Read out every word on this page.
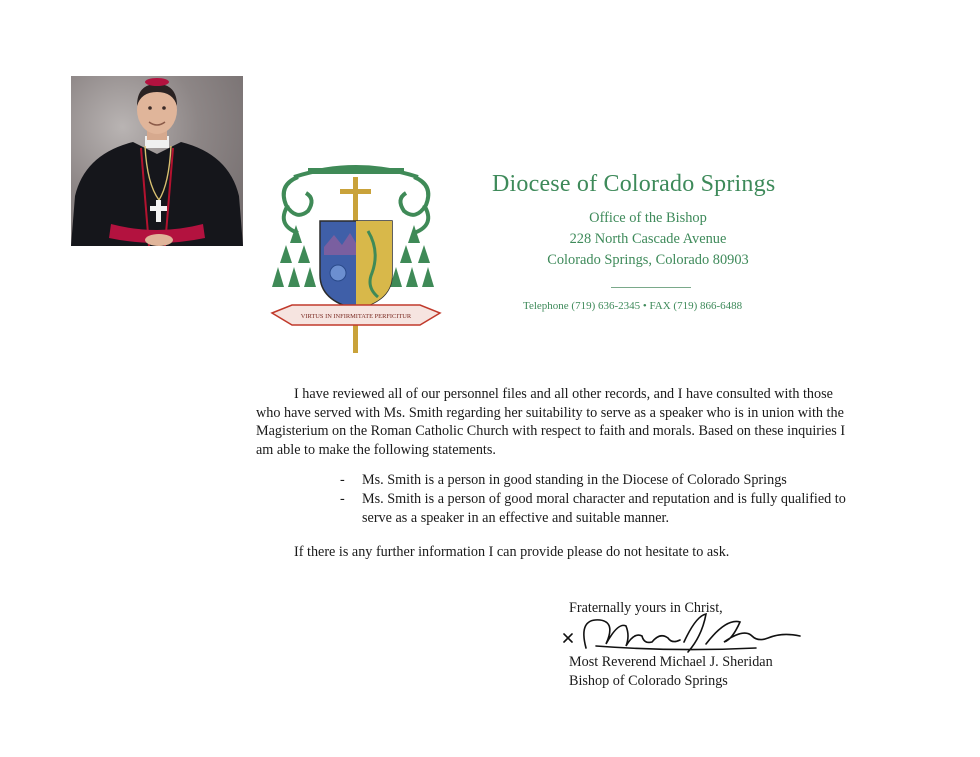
VIRTUS IN INFIRMITATE PERFICITUR
Diocese of Colorado Springs
Office of the Bishop
228 North Cascade Avenue
Colorado Springs, Colorado 80903
Telephone (719) 636-2345 • FAX (719) 866-6488

I have reviewed all of our personnel files and all other records, and I have consulted with those who have served with Ms. Smith regarding her suitability to serve as a speaker who is in union with the Magisterium on the Roman Catholic Church with respect to faith and morals. Based on these inquiries I am able to make the following statements.

- Ms. Smith is a person in good standing in the Diocese of Colorado Springs
- Ms. Smith is a person of good moral character and reputation and is fully qualified to serve as a speaker in an effective and suitable manner.

If there is any further information I can provide please do not hesitate to ask.

Fraternally yours in Christ,
Most Reverend Michael J. Sheridan
Bishop of Colorado Springs
